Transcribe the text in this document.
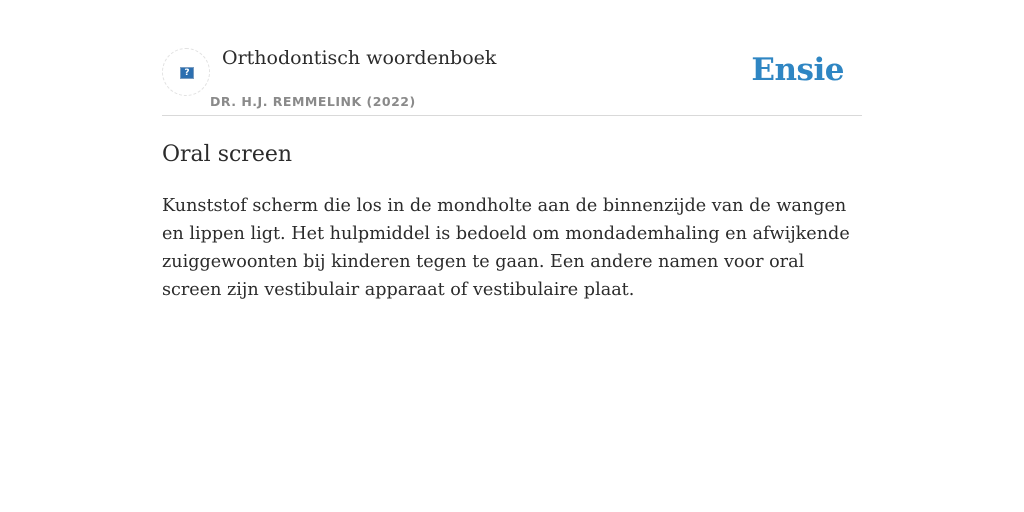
?
Orthodontisch woordenboek
DR. H.J. REMMELINK (2022)
Ensie
Oral screen

Kunststof scherm die los in de mondholte aan de binnenzijde van de wangen en lippen ligt. Het hulpmiddel is bedoeld om mondademhaling en afwijkende zuiggewoonten bij kinderen tegen te gaan. Een andere namen voor oral screen zijn vestibulair apparaat of vestibulaire plaat.
